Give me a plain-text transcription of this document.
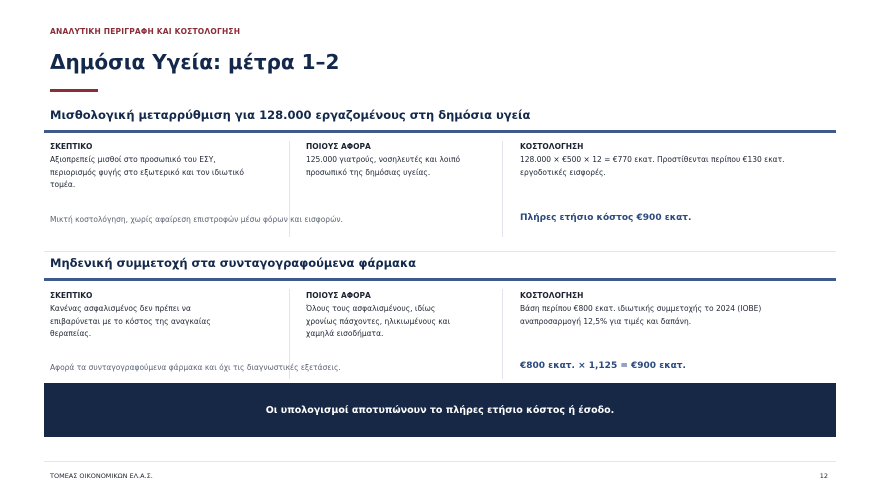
ΑΝΑΛΥΤΙΚΗ ΠΕΡΙΓΡΑΦΗ ΚΑΙ ΚΟΣΤΟΛΟΓΗΣΗ
Δημόσια Υγεία: μέτρα 1–2
Μισθολογική μεταρρύθμιση για 128.000 εργαζομένους στη δημόσια υγεία
ΣΚΕΠΤΙΚΟ
Αξιοπρεπείς μισθοί στο προσωπικό του ΕΣΥ,
περιορισμός φυγής στο εξωτερικό και τον ιδιωτικό
τομέα.
ΠΟΙΟΥΣ ΑΦΟΡΑ
125.000 γιατρούς, νοσηλευτές και λοιπό
προσωπικό της δημόσιας υγείας.
ΚΟΣΤΟΛΟΓΗΣΗ
128.000 × €500 × 12 = €770 εκατ. Προστίθενται περίπου €130 εκατ.
εργοδοτικές εισφορές.
Μικτή κοστολόγηση, χωρίς αφαίρεση επιστροφών μέσω φόρων και εισφορών.	Πλήρες ετήσιο κόστος €900 εκατ.
Μηδενική συμμετοχή στα συνταγογραφούμενα φάρμακα
ΣΚΕΠΤΙΚΟ
Κανένας ασφαλισμένος δεν πρέπει να
επιβαρύνεται με το κόστος της αναγκαίας
θεραπείας.
ΠΟΙΟΥΣ ΑΦΟΡΑ
Όλους τους ασφαλισμένους, ιδίως
χρονίως πάσχοντες, ηλικιωμένους και
χαμηλά εισοδήματα.
ΚΟΣΤΟΛΟΓΗΣΗ
Βάση περίπου €800 εκατ. ιδιωτικής συμμετοχής το 2024 (ΙΟΒΕ)
αναπροσαρμογή 12,5% για τιμές και δαπάνη.
Αφορά τα συνταγογραφούμενα φάρμακα και όχι τις διαγνωστικές εξετάσεις.	€800 εκατ. × 1,125 = €900 εκατ.
Οι υπολογισμοί αποτυπώνουν το πλήρες ετήσιο κόστος ή έσοδο.
ΤΟΜΕΑΣ ΟΙΚΟΝΟΜΙΚΩΝ ΕΛ.Α.Σ.	12
